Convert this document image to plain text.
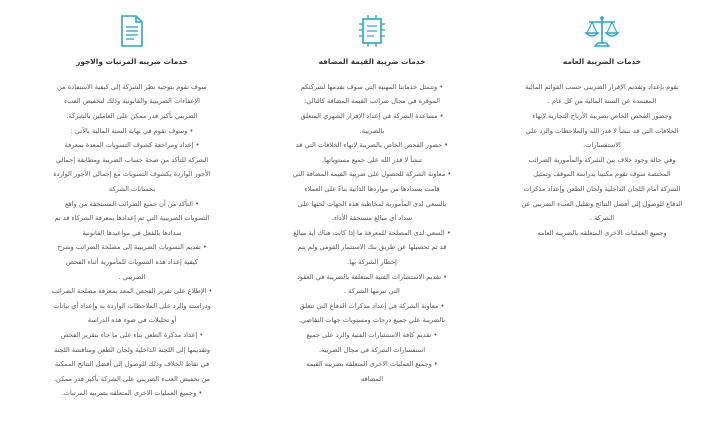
خدمات ضريبه المرتبات والاجور
سوف نقوم بتوجيه نظر الشركة إلى كيفية الاستفادة من
الإعفاءات الضريبية والقانونية وذلك لتخفيض العبء
الضريبي بأكبر قدر ممكن على العاملين بالشركة.
• وسوف نقوم في نهاية السنة المالية بالآتي :
• إعداد ومراجعة كشوف التسويات المعدة بمعرفة
الشركة للتأكد من صحة حساب الضريبة ومطابقة إجمالي
الأجور الواردة بكشوف التسويات مع إجمالي الأجور الواردة
بحسابات الشركة
• التأكد من أن جميع الضرائب المستحقة من واقع
التسويات الضريبية التي تم إعدادها بمعرفة الشركاء قد تم
سدادها بالفعل في مواعيدها القانونية
• تقديم التسويات الضريبية إلى مصلحة الضرائب وشرح
كيفية إعداد هذه التسويات للمأمورية أثناء الفحص
الضريبي .
• الإطلاع على تقرير الفحص المعد بمعرفة مصلحة الضرائب
ودراسته والرد على الملاحظات الواردة به وإعداد أي بيانات
أو تحليلات في ضوء هذه الدراسة
• إعداد مذكرة الطعن بناء على ما جاء بتقرير الفحص
وتقديمها إلى اللجنة الداخلية ولجان الطعن ومناقشة اللجنة
في نقاط الخلاف وذلك للوصول إلى أفضل النتائج الممكنة
من تخفيض العبء الضريبي على الشركة بأكبر قدر ممكن.
• وجميع العمليات الاخرى المتعلقه بضريبه المرتبات.
خدمات ضريبة القيمة المضافه
• وتتمثل خدماتنا المهنية التي سوف نقدمها لشركتكم
الموقرة في مجال ضرائب القيمة المضافة كالتالي:
• مساعدة الشركة في إعداد الإقرار الشهري المتعلق
بالضريبة.
• حضور الفحص الخاص بالضريبة لإنهاء الخلافات التي قد
تنشأ لا قدر الله على جميع مستوياتها.
• معاونة الشركة للحصول على ضريبة القيمة المضافة التي
قامت بسدادها من مواردها الذاتية بناءً على العملاء
بالسعي لدى المأمورية لمخاطبة هذه الجهات لحثها على
سداد أي مبالغ مستحقة الأداء.
• السعي لدى المصلحة للمعرفة ما إذا كانت هناك أية مبالغ
قد تم تحصيلها عن طريق بنك الاستثمار القومي ولم يتم
إخطار الشركة بها.
• تقديم الاستشارات الفنية المتعلقة بالضريبة في العقود
التي تبرمها الشركة .
• معاونة الشركة في إعداد مذكرات الدفاع التي تتعلق
بالضريبة علي جميع درجات ومستويات جهات التقاضي.
• تقديم كافة الاستشارات الفنية والرد على جميع
استفسارات الشركة في مجال الضريبة.
• وجميع العمليات الاخرى المتعلقه بضريبه القيمه
المضافه
خدمات الضريبة العامه
نقوم بإعداد وتقديم الإقرار الضريبي حسب القوائم المالية
المعتمدة عن السنة المالية من كل عام .
وحضور الفحص الخاص بضريبة الأرباح التجارية لإنهاء
الخلافات التي قد تنشأ لا قدر الله والملاحظات والرد علي
الاستفسارات.
وفي حالة وجود خلاف بين الشركة والمأمورية الضرائب
المختصة سوف تقوم مكتبنا بدراسة الموقف وتمثيل
الشركة أمام اللجان الداخلية ولجان الطعن وإعداد مذكرات
الدفاع للوصول إلى أفضل النتائج وتقليل العبء الضريبي عن
الشركة .
وجميع العمليات الاخرى المتعلقه بالضريبه العامه
